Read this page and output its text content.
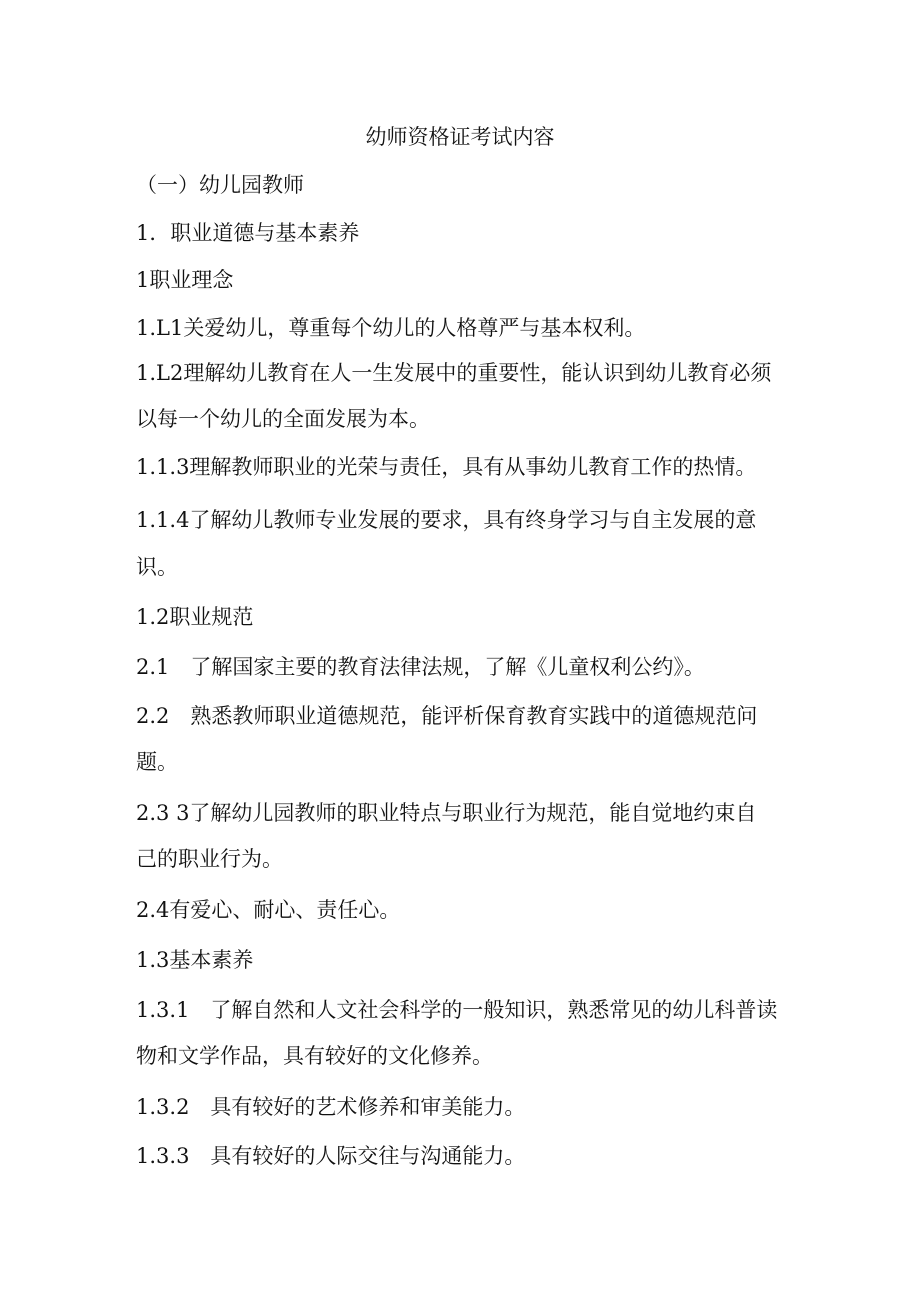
幼师资格证考试内容
（一）幼儿园教师
1．职业道德与基本素养
1职业理念
1.L1关爱幼儿，尊重每个幼儿的人格尊严与基本权利。
1.L2理解幼儿教育在人一生发展中的重要性，能认识到幼儿教育必须
以每一个幼儿的全面发展为本。
1.1.3理解教师职业的光荣与责任，具有从事幼儿教育工作的热情。
1.1.4了解幼儿教师专业发展的要求，具有终身学习与自主发展的意
识。
1.2职业规范
2.1　了解国家主要的教育法律法规，了解《儿童权利公约》。
2.2　熟悉教师职业道德规范，能评析保育教育实践中的道德规范问
题。
2.3 3了解幼儿园教师的职业特点与职业行为规范，能自觉地约束自
己的职业行为。
2.4有爱心、耐心、责任心。
1.3基本素养
1.3.1　了解自然和人文社会科学的一般知识，熟悉常见的幼儿科普读
物和文学作品，具有较好的文化修养。
1.3.2　具有较好的艺术修养和审美能力。
1.3.3　具有较好的人际交往与沟通能力。
